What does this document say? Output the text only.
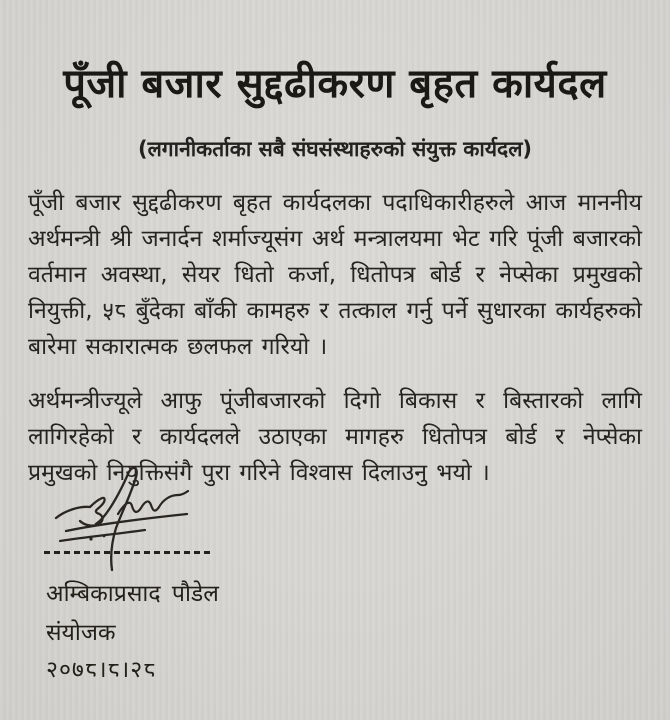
पूँजी बजार सुद्दढीकरण बृहत कार्यदल

(लगानीकर्ताका सबै संघसंस्थाहरुको संयुक्त कार्यदल)

पूँजी बजार सुद्दढीकरण बृहत कार्यदलका पदाधिकारीहरुले आज माननीय अर्थमन्त्री श्री जनार्दन शर्माज्यूसंग अर्थ मन्त्रालयमा भेट गरि पूंजी बजारको वर्तमान अवस्था, सेयर धितो कर्जा, धितोपत्र बोर्ड र नेप्सेका प्रमुखको नियुक्ती, ५८ बुँदेका बाँकी कामहरु र तत्काल गर्नु पर्ने सुधारका कार्यहरुको बारेमा सकारात्मक छलफल गरियो ।

अर्थमन्त्रीज्यूले आफु पूंजीबजारको दिगो बिकास र बिस्तारको लागि लागिरहेको र कार्यदलले उठाएका मागहरु धितोपत्र बोर्ड र नेप्सेका प्रमुखको नियुक्तिसंगै पुरा गरिने विश्वास दिलाउनु भयो ।

अम्बिकाप्रसाद पौडेल

संयोजक

२०७८।८।२८
